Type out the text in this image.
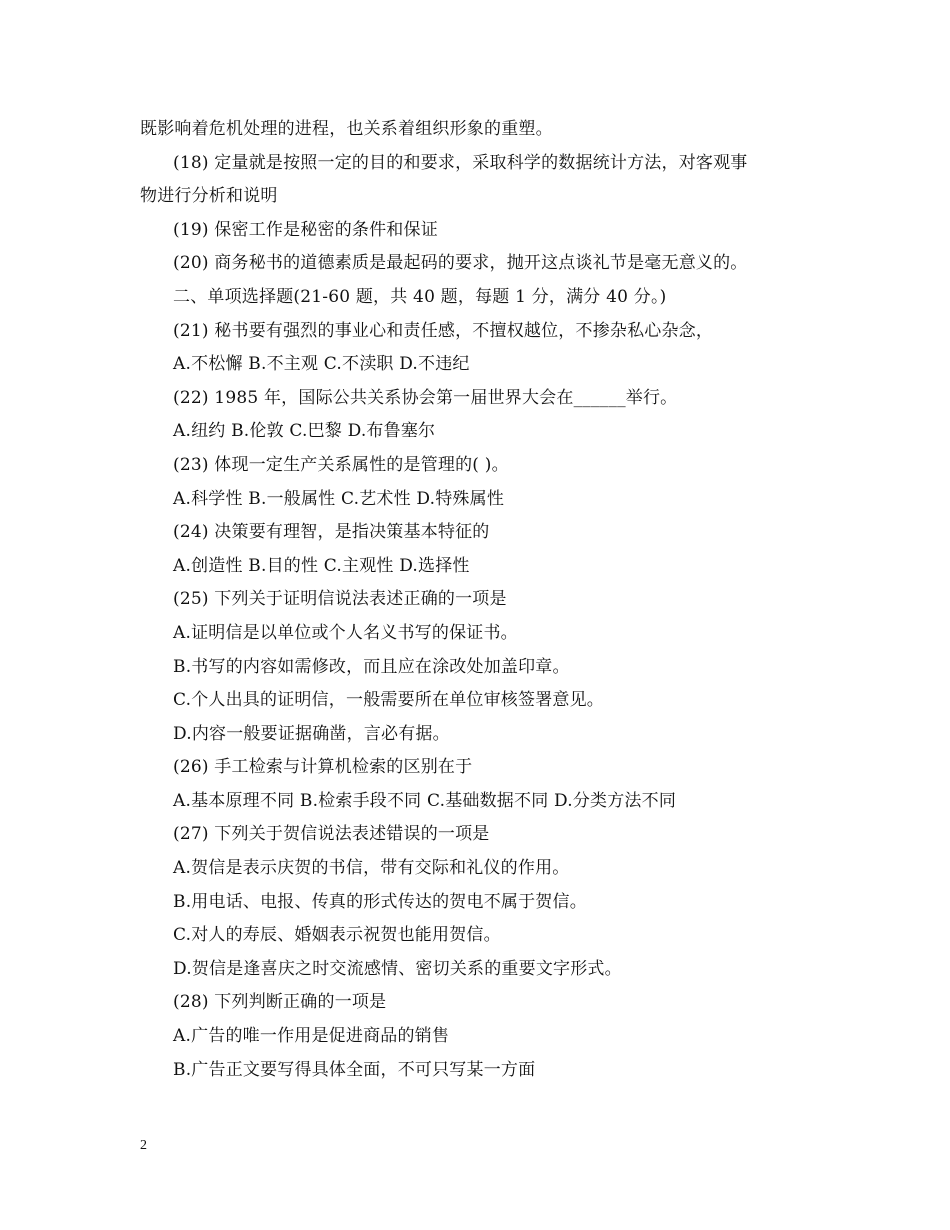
既影响着危机处理的进程，也关系着组织形象的重塑。
(18) 定量就是按照一定的目的和要求，采取科学的数据统计方法，对客观事
物进行分析和说明
(19) 保密工作是秘密的条件和保证
(20) 商务秘书的道德素质是最起码的要求，抛开这点谈礼节是毫无意义的。
二、单项选择题(21-60 题，共 40 题，每题 1 分，满分 40 分。)
(21) 秘书要有强烈的事业心和责任感，不擅权越位，不掺杂私心杂念，
A.不松懈 B.不主观 C.不渎职 D.不违纪
(22) 1985 年，国际公共关系协会第一届世界大会在______举行。
A.纽约 B.伦敦 C.巴黎 D.布鲁塞尔
(23) 体现一定生产关系属性的是管理的( )。
A.科学性 B.一般属性 C.艺术性 D.特殊属性
(24) 决策要有理智，是指决策基本特征的
A.创造性 B.目的性 C.主观性 D.选择性
(25) 下列关于证明信说法表述正确的一项是
A.证明信是以单位或个人名义书写的保证书。
B.书写的内容如需修改，而且应在涂改处加盖印章。
C.个人出具的证明信，一般需要所在单位审核签署意见。
D.内容一般要证据确凿，言必有据。
(26) 手工检索与计算机检索的区别在于
A.基本原理不同 B.检索手段不同 C.基础数据不同 D.分类方法不同
(27) 下列关于贺信说法表述错误的一项是
A.贺信是表示庆贺的书信，带有交际和礼仪的作用。
B.用电话、电报、传真的形式传达的贺电不属于贺信。
C.对人的寿辰、婚姻表示祝贺也能用贺信。
D.贺信是逢喜庆之时交流感情、密切关系的重要文字形式。
(28) 下列判断正确的一项是
A.广告的唯一作用是促进商品的销售
B.广告正文要写得具体全面，不可只写某一方面
2
